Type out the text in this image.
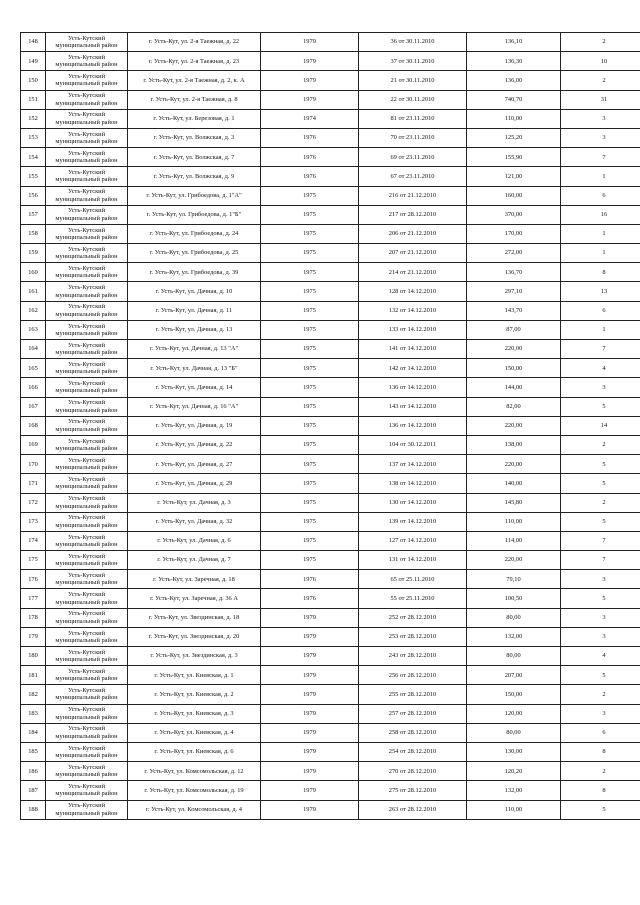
148	Усть-Кутский
муниципальный район	г. Усть-Кут, ул. 2-я Таежная, д. 22	1979	36 от 30.11.2010	136,10	2
149	Усть-Кутский
муниципальный район	г. Усть-Кут, ул. 2-я Таежная, д. 23	1979	37 от 30.11.2010	136,30	10
150	Усть-Кутский
муниципальный район	г. Усть-Кут, ул. 2-я Таежная, д. 2, к. А	1979	21 от 30.11.2010	136,00	2
151	Усть-Кутский
муниципальный район	г. Усть-Кут, ул. 2-я Таежная, д. 8	1979	22 от 30.11.2010	740,70	31
152	Усть-Кутский
муниципальный район	г. Усть-Кут, ул. Березовая, д. 1	1974	81 от 23.11.2010	110,00	3
153	Усть-Кутский
муниципальный район	г. Усть-Кут, ул. Волжская, д. 3	1976	70 от 23.11.2010	125,20	3
154	Усть-Кутский
муниципальный район	г. Усть-Кут, ул. Волжская, д. 7	1976	69 от 23.11.2010	155,90	7
155	Усть-Кутский
муниципальный район	г. Усть-Кут, ул. Волжская, д. 9	1976	67 от 23.11.2010	121,00	1
156	Усть-Кутский
муниципальный район	г. Усть-Кут, ул. Грибоедова, д. 1"А"	1975	216 от 21.12.2010	160,00	6
157	Усть-Кутский
муниципальный район	г. Усть-Кут, ул. Грибоедова, д. 1"Б"	1975	217 от 28.12.2010	370,00	16
158	Усть-Кутский
муниципальный район	г. Усть-Кут, ул. Грибоедова, д. 24	1975	206 от 21.12.2010	170,00	1
159	Усть-Кутский
муниципальный район	г. Усть-Кут, ул. Грибоедова, д. 25	1975	207 от 21.12.2010	272,00	1
160	Усть-Кутский
муниципальный район	г. Усть-Кут, ул. Грибоедова, д. 39	1975	214 от 21.12.2010	136,70	8
161	Усть-Кутский
муниципальный район	г. Усть-Кут, ул. Дачная, д. 10	1975	128 от 14.12.2010	297,10	13
162	Усть-Кутский
муниципальный район	г. Усть-Кут, ул. Дачная, д. 11	1975	132 от 14.12.2010	143,70	6
163	Усть-Кутский
муниципальный район	г. Усть-Кут, ул. Дачная, д. 13	1975	133 от 14.12.2010	87,00	1
164	Усть-Кутский
муниципальный район	г. Усть-Кут, ул. Дачная, д. 13 "А"	1975	141 от 14.12.2010	220,00	7
165	Усть-Кутский
муниципальный район	г. Усть-Кут, ул. Дачная, д. 13 "Б"	1975	142 от 14.12.2010	150,00	4
166	Усть-Кутский
муниципальный район	г. Усть-Кут, ул. Дачная, д. 14	1975	136 от 14.12.2010	144,00	3
167	Усть-Кутский
муниципальный район	г. Усть-Кут, ул. Дачная, д. 16 "А"	1975	143 от 14.12.2010	82,00	5
168	Усть-Кутский
муниципальный район	г. Усть-Кут, ул. Дачная, д. 19	1975	136 от 14.12.2010	220,00	14
169	Усть-Кутский
муниципальный район	г. Усть-Кут, ул. Дачная, д. 22	1975	104 от 30.12.2011	138,00	2
170	Усть-Кутский
муниципальный район	г. Усть-Кут, ул. Дачная, д. 27	1975	137 от 14.12.2010	220,00	5
171	Усть-Кутский
муниципальный район	г. Усть-Кут, ул. Дачная, д. 29	1975	138 от 14.12.2010	140,00	5
172	Усть-Кутский
муниципальный район	г. Усть-Кут, ул. Дачная, д. 3	1975	130 от 14.12.2010	145,80	2
173	Усть-Кутский
муниципальный район	г. Усть-Кут, ул. Дачная, д. 32	1975	139 от 14.12.2010	110,00	5
174	Усть-Кутский
муниципальный район	г. Усть-Кут, ул. Дачная, д. 6	1975	127 от 14.12.2010	114,00	7
175	Усть-Кутский
муниципальный район	г. Усть-Кут, ул. Дачная, д. 7	1975	131 от 14.12.2010	220,00	7
176	Усть-Кутский
муниципальный район	г. Усть-Кут, ул. Заречная, д. 18	1976	65 от 25.11.2010	79,10	3
177	Усть-Кутский
муниципальный район	г. Усть-Кут, ул. Заречная, д. 36 А	1976	55 от 25.11.2010	100,50	5
178	Усть-Кутский
муниципальный район	г. Усть-Кут, ул. Звездинская, д. 18	1979	252 от 28.12.2010	80,00	3
179	Усть-Кутский
муниципальный район	г. Усть-Кут, ул. Звездинская, д. 20	1979	253 от 28.12.2010	132,00	3
180	Усть-Кутский
муниципальный район	г. Усть-Кут, ул. Звездинская, д. 3	1979	243 от 28.12.2010	80,00	4
181	Усть-Кутский
муниципальный район	г. Усть-Кут, ул. Киевская, д. 1	1979	256 от 28.12.2010	207,00	5
182	Усть-Кутский
муниципальный район	г. Усть-Кут, ул. Киевская, д. 2	1979	255 от 28.12.2010	150,00	2
183	Усть-Кутский
муниципальный район	г. Усть-Кут, ул. Киевская, д. 3	1979	257 от 28.12.2010	120,00	3
184	Усть-Кутский
муниципальный район	г. Усть-Кут, ул. Киевская, д. 4	1979	258 от 28.12.2010	80,00	6
185	Усть-Кутский
муниципальный район	г. Усть-Кут, ул. Киевская, д. 6	1979	254 от 28.12.2010	130,00	8
186	Усть-Кутский
муниципальный район	г. Усть-Кут, ул. Комсомольская, д. 12	1979	270 от 28.12.2010	120,20	2
187	Усть-Кутский
муниципальный район	г. Усть-Кут, ул. Комсомольская, д. 19	1979	275 от 28.12.2010	132,00	8
188	Усть-Кутский
муниципальный район	г. Усть-Кут, ул. Комсомольская, д. 4	1979	263 от 28.12.2010	110,00	5
